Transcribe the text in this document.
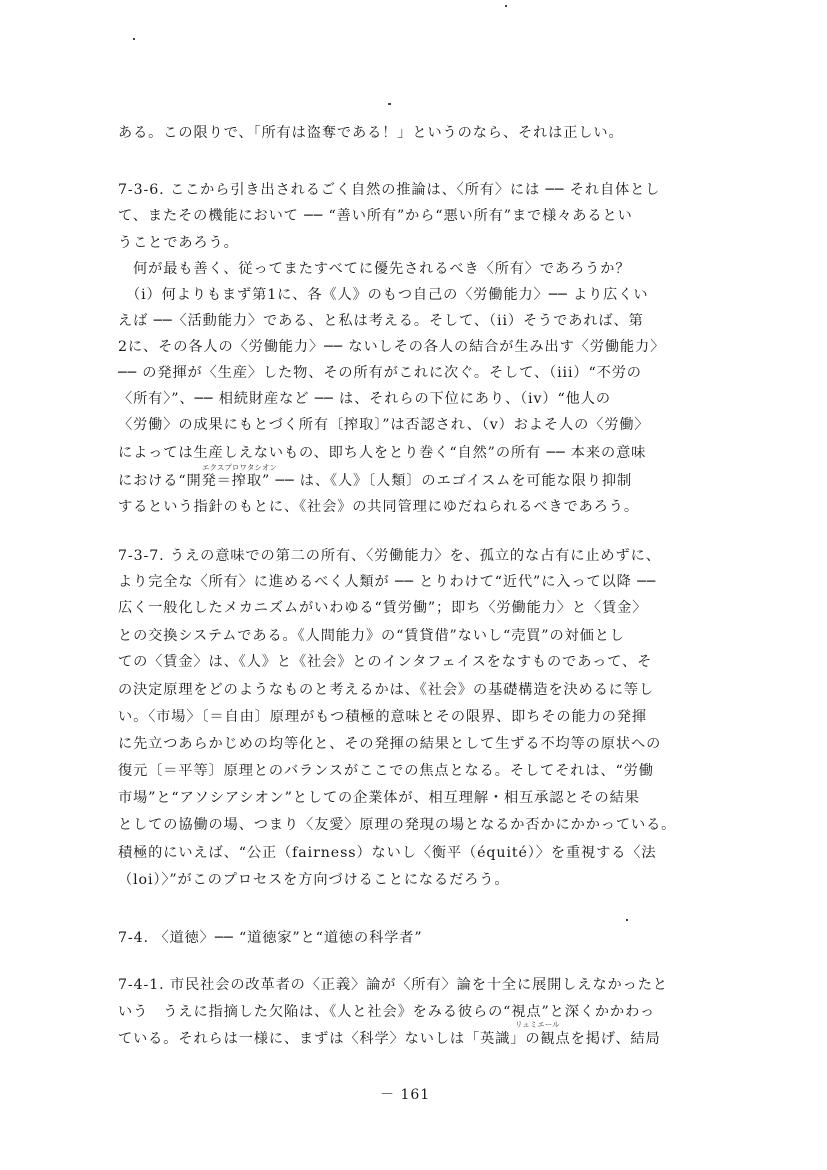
ある。この限りで、「所有は盗奪である！」というのなら、それは正しい。
7-3-6. ここから引き出されるごく自然の推論は、〈所有〉には ── それ自体とし
て、またその機能において ── “善い所有”から“悪い所有”まで様々あるとい
うことであろう。
　何が最も善く、従ってまたすべてに優先されるべき〈所有〉であろうか？
　（i）何よりもまず第1に、各《人》のもつ自己の〈労働能力〉── より広くい
えば ──〈活動能力〉である、と私は考える。そして、（ii）そうであれば、第
2に、その各人の〈労働能力〉── ないしその各人の結合が生み出す〈労働能力〉
── の発揮が〈生産〉した物、その所有がこれに次ぐ。そして、（iii）“不労の
〈所有〉”、── 相続財産など ── は、それらの下位にあり、（iv）“他人の
〈労働〉の成果にもとづく所有〔搾取〕”は否認され、（v）およそ人の〈労働〉
によっては生産しえないもの、即ち人をとり巻く“自然”の所有 ── 本来の意味
エクスプロワタシオン
における“開発＝搾取” ── は、《人》〔人類〕のエゴイスムを可能な限り抑制
するという指針のもとに、《社会》の共同管理にゆだねられるべきであろう。
7-3-7. うえの意味での第二の所有、〈労働能力〉を、孤立的な占有に止めずに、
より完全な〈所有〉に進めるべく人類が ── とりわけて“近代”に入って以降 ──
広く一般化したメカニズムがいわゆる“賃労働”；即ち〈労働能力〉と〈賃金〉
との交換システムである。《人間能力》の“賃貸借”ないし“売買”の対価とし
ての〈賃金〉は、《人》と《社会》とのインタフェイスをなすものであって、そ
の決定原理をどのようなものと考えるかは、《社会》の基礎構造を決めるに等し
い。〈市場〉〔＝自由〕原理がもつ積極的意味とその限界、即ちその能力の発揮
に先立つあらかじめの均等化と、その発揮の結果として生ずる不均等の原状への
復元〔＝平等〕原理とのバランスがここでの焦点となる。そしてそれは、“労働
市場”と“アソシアシオン”としての企業体が、相互理解・相互承認とその結果
としての協働の場、つまり〈友愛〉原理の発現の場となるか否かにかかっている。
積極的にいえば、“公正（fairness）ないし〈衡平（équité）〉を重視する〈法
（loi）〉”がこのプロセスを方向づけることになるだろう。
7-4. 〈道徳〉── “道徳家”と“道徳の科学者”
7-4-1. 市民社会の改革者の〈正義〉論が〈所有〉論を十全に展開しえなかったと
いう　うえに指摘した欠陥は、《人と社会》をみる彼らの“視点”と深くかかわっ
リュミエール
ている。それらは一様に、まずは〈科学〉ないしは「英識」の観点を掲げ、結局
－ 161
